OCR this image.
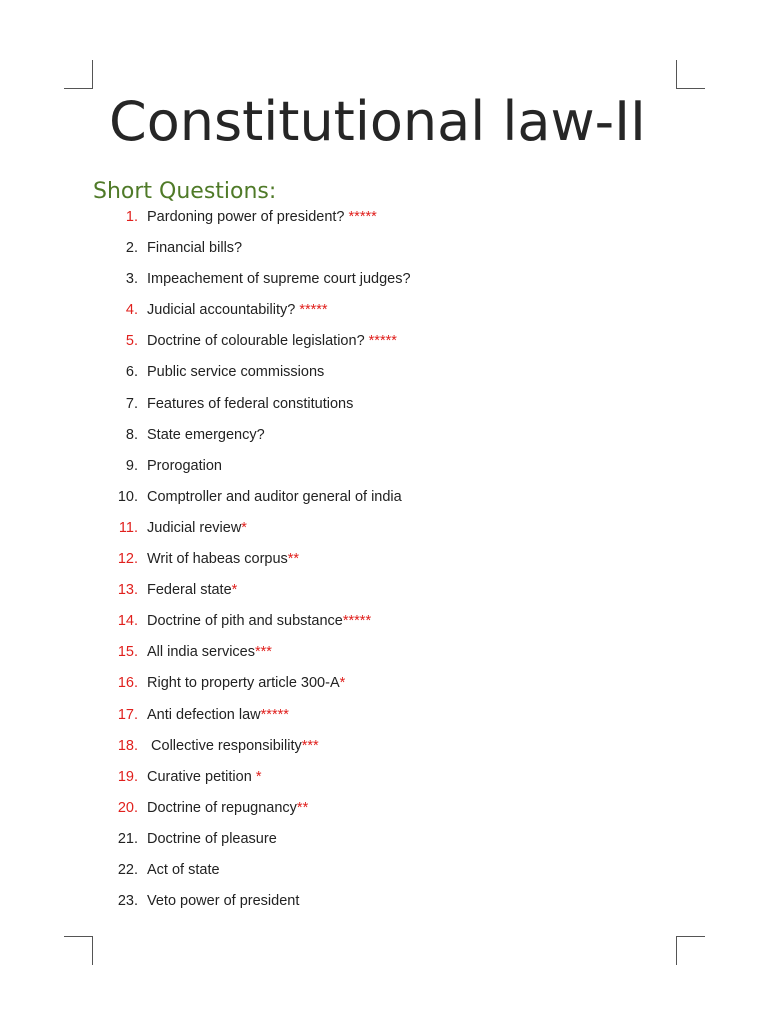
Constitutional law-II
Short Questions:
1. Pardoning power of president? *****
2. Financial bills?
3. Impeachement of supreme court judges?
4. Judicial accountability? *****
5. Doctrine of colourable legislation? *****
6. Public service commissions
7. Features of federal constitutions
8. State emergency?
9. Prorogation
10. Comptroller and auditor general of india
11. Judicial review*
12. Writ of habeas corpus**
13. Federal state*
14. Doctrine of pith and substance*****
15. All india services***
16. Right to property article 300-A*
17. Anti defection law*****
18. Collective responsibility***
19. Curative petition *
20. Doctrine of repugnancy**
21. Doctrine of pleasure
22. Act of state
23. Veto power of president
